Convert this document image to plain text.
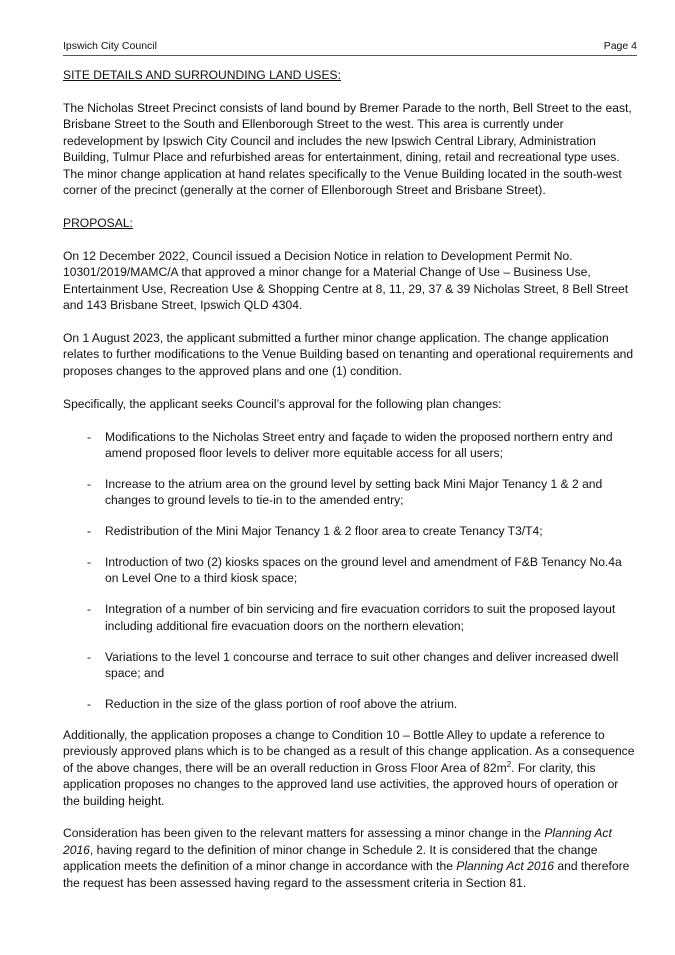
Ipswich City Council	Page 4
SITE DETAILS AND SURROUNDING LAND USES:

The Nicholas Street Precinct consists of land bound by Bremer Parade to the north, Bell Street to the east, Brisbane Street to the South and Ellenborough Street to the west. This area is currently under redevelopment by Ipswich City Council and includes the new Ipswich Central Library, Administration Building, Tulmur Place and refurbished areas for entertainment, dining, retail and recreational type uses. The minor change application at hand relates specifically to the Venue Building located in the south-west corner of the precinct (generally at the corner of Ellenborough Street and Brisbane Street).

PROPOSAL:

On 12 December 2022, Council issued a Decision Notice in relation to Development Permit No. 10301/2019/MAMC/A that approved a minor change for a Material Change of Use – Business Use, Entertainment Use, Recreation Use & Shopping Centre at 8, 11, 29, 37 & 39 Nicholas Street, 8 Bell Street and 143 Brisbane Street, Ipswich QLD 4304.

On 1 August 2023, the applicant submitted a further minor change application. The change application relates to further modifications to the Venue Building based on tenanting and operational requirements and proposes changes to the approved plans and one (1) condition.

Specifically, the applicant seeks Council’s approval for the following plan changes:

- Modifications to the Nicholas Street entry and façade to widen the proposed northern entry and amend proposed floor levels to deliver more equitable access for all users;
- Increase to the atrium area on the ground level by setting back Mini Major Tenancy 1 & 2 and changes to ground levels to tie-in to the amended entry;
- Redistribution of the Mini Major Tenancy 1 & 2 floor area to create Tenancy T3/T4;
- Introduction of two (2) kiosks spaces on the ground level and amendment of F&B Tenancy No.4a on Level One to a third kiosk space;
- Integration of a number of bin servicing and fire evacuation corridors to suit the proposed layout including additional fire evacuation doors on the northern elevation;
- Variations to the level 1 concourse and terrace to suit other changes and deliver increased dwell space; and
- Reduction in the size of the glass portion of roof above the atrium.

Additionally, the application proposes a change to Condition 10 – Bottle Alley to update a reference to previously approved plans which is to be changed as a result of this change application. As a consequence of the above changes, there will be an overall reduction in Gross Floor Area of $82m^2$. For clarity, this application proposes no changes to the approved land use activities, the approved hours of operation or the building height.

Consideration has been given to the relevant matters for assessing a minor change in the Planning Act 2016, having regard to the definition of minor change in Schedule 2. It is considered that the change application meets the definition of a minor change in accordance with the Planning Act 2016 and therefore the request has been assessed having regard to the assessment criteria in Section 81.
